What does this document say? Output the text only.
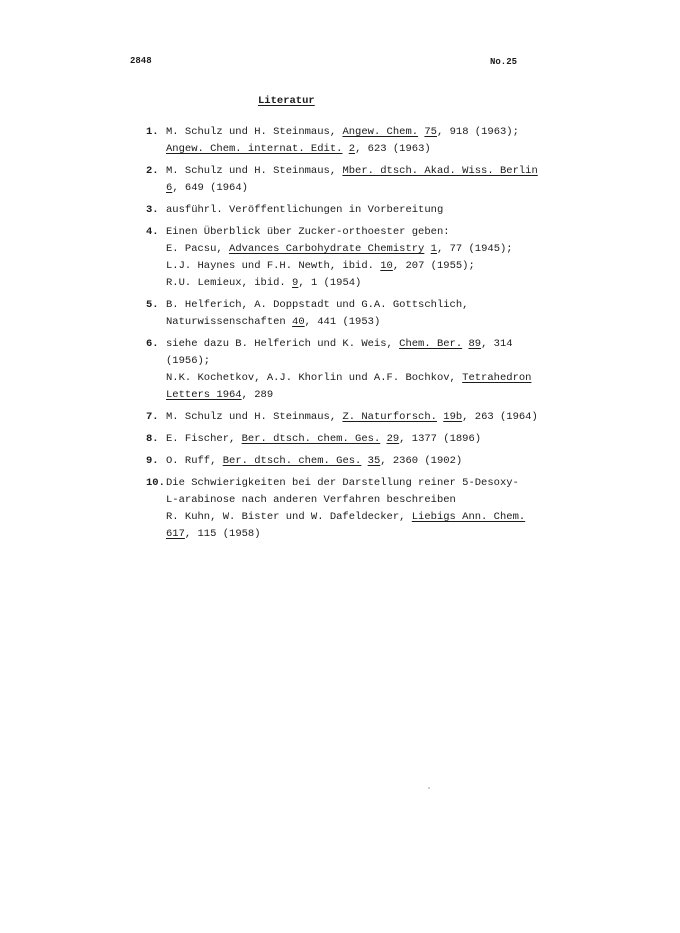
2848	No.25
Literatur
1. M. Schulz und H. Steinmaus, Angew. Chem. 75, 918 (1963);
Angew. Chem. internat. Edit. 2, 623 (1963)
2. M. Schulz und H. Steinmaus, Mber. dtsch. Akad. Wiss. Berlin
6, 649 (1964)
3. ausführl. Veröffentlichungen in Vorbereitung
4. Einen Überblick über Zucker-orthoester geben:
E. Pacsu, Advances Carbohydrate Chemistry 1, 77 (1945);
L.J. Haynes und F.H. Newth, ibid. 10, 207 (1955);
R.U. Lemieux, ibid. 9, 1 (1954)
5. B. Helferich, A. Doppstadt und G.A. Gottschlich,
Naturwissenschaften 40, 441 (1953)
6. siehe dazu B. Helferich und K. Weis, Chem. Ber. 89, 314
(1956);
N.K. Kochetkov, A.J. Khorlin und A.F. Bochkov, Tetrahedron
Letters 1964, 289
7. M. Schulz und H. Steinmaus, Z. Naturforsch. 19b, 263 (1964)
8. E. Fischer, Ber. dtsch. chem. Ges. 29, 1377 (1896)
9. O. Ruff, Ber. dtsch. chem. Ges. 35, 2360 (1902)
10. Die Schwierigkeiten bei der Darstellung reiner 5-Desoxy-
L-arabinose nach anderen Verfahren beschreiben
R. Kuhn, W. Bister und W. Dafeldecker, Liebigs Ann. Chem.
617, 115 (1958)
